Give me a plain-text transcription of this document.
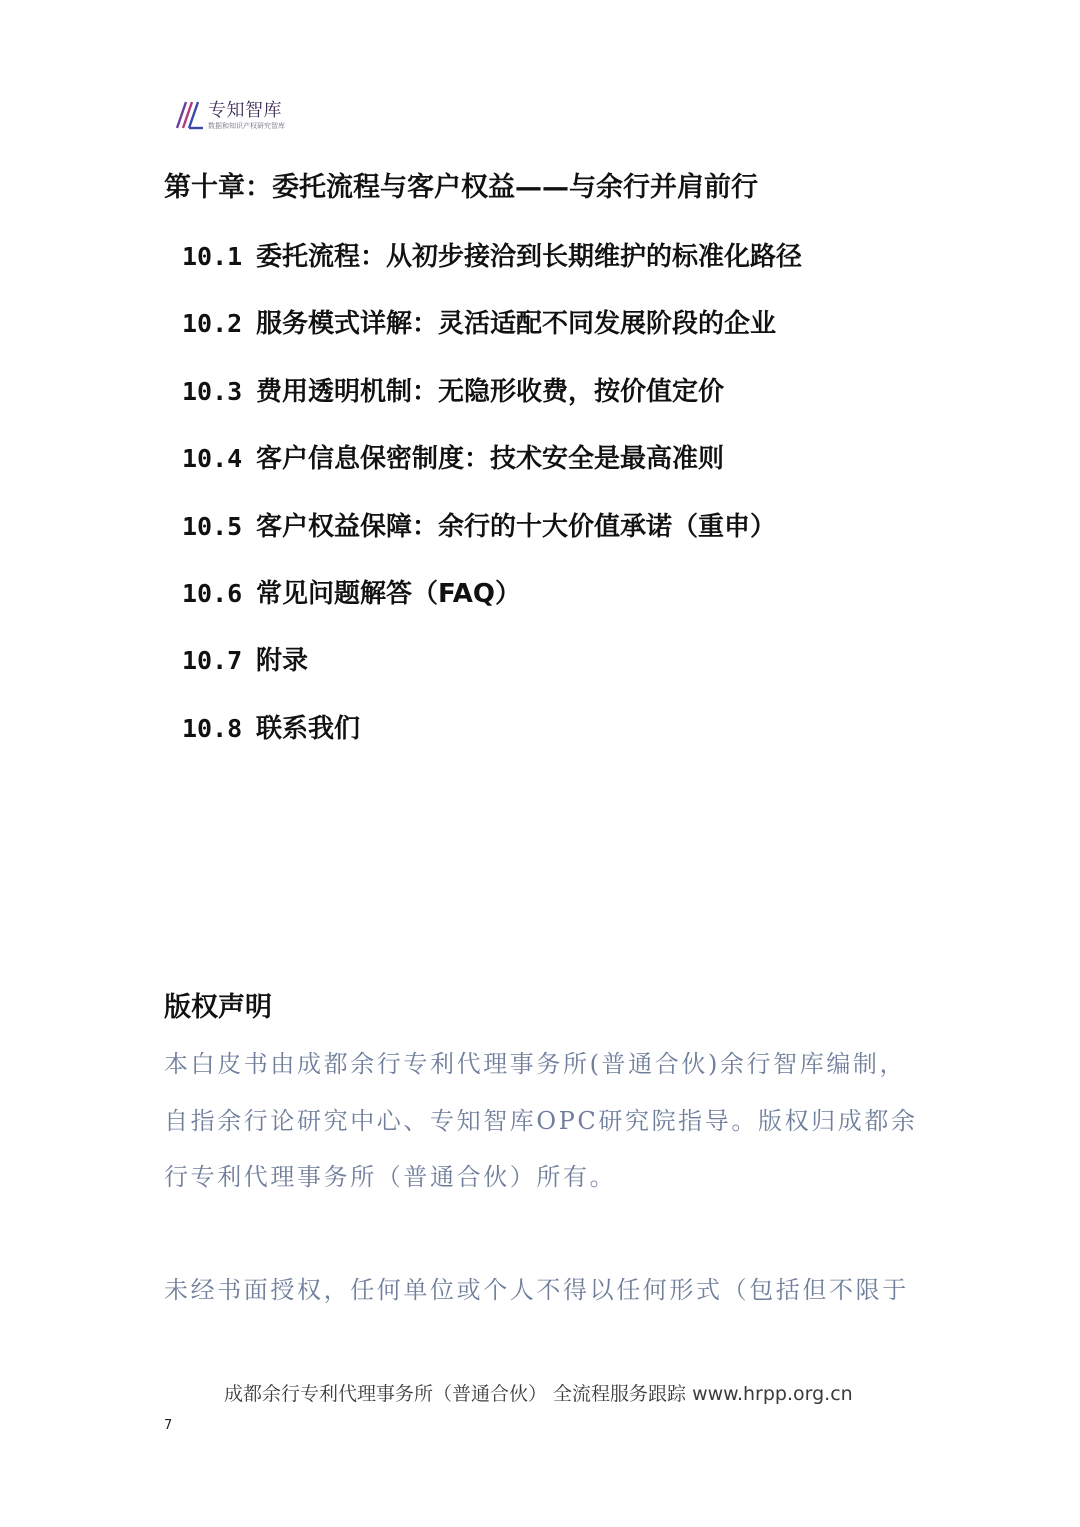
专知智库
数据和知识产权研究智库
第十章：委托流程与客户权益——与余行并肩前行
10.1 委托流程：从初步接洽到长期维护的标准化路径
10.2 服务模式详解：灵活适配不同发展阶段的企业
10.3 费用透明机制：无隐形收费，按价值定价
10.4 客户信息保密制度：技术安全是最高准则
10.5 客户权益保障：余行的十大价值承诺（重申）
10.6 常见问题解答（FAQ）
10.7 附录
10.8 联系我们
版权声明
本白皮书由成都余行专利代理事务所(普通合伙)余行智库编制，自指余行论研究中心、专知智库OPC研究院指导。版权归成都余行专利代理事务所（普通合伙）所有。
未经书面授权，任何单位或个人不得以任何形式（包括但不限于
成都余行专利代理事务所（普通合伙） 全流程服务跟踪 www.hrpp.org.cn
7
